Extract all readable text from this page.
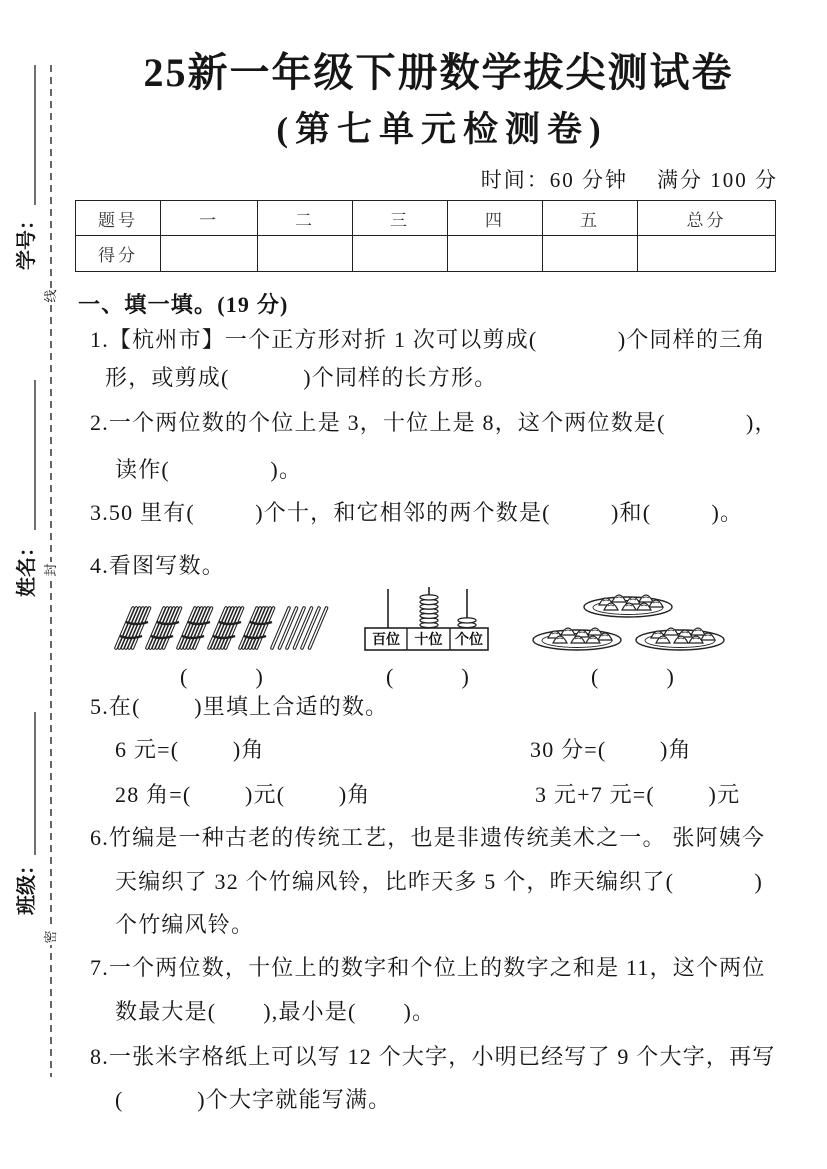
学号：
姓名：
班级：
线
封
密
25新一年级下册数学拔尖测试卷
(第七单元检测卷)
时间：60 分钟    满分 100 分
题号	一	二	三	四	五	总分
得分						
一、填一填。(19 分)
1.【杭州市】一个正方形对折 1 次可以剪成(            )个同样的三角
形，或剪成(           )个同样的长方形。
2.一个两位数的个位上是 3，十位上是 8，这个两位数是(            )，
读作(               )。
3.50 里有(         )个十，和它相邻的两个数是(         )和(         )。
4.看图写数。
百位 十位 个位
(          )	(          )	(          )
5.在(        )里填上合适的数。
6 元=(        )角	30 分=(        )角
28 角=(        )元(        )角	3 元+7 元=(        )元
6.竹编是一种古老的传统工艺，也是非遗传统美术之一。 张阿姨今
天编织了 32 个竹编风铃，比昨天多 5 个，昨天编织了(            )
个竹编风铃。
7.一个两位数，十位上的数字和个位上的数字之和是 11，这个两位
数最大是(       ),最小是(       )。
8.一张米字格纸上可以写 12 个大字，小明已经写了 9 个大字，再写
(           )个大字就能写满。
